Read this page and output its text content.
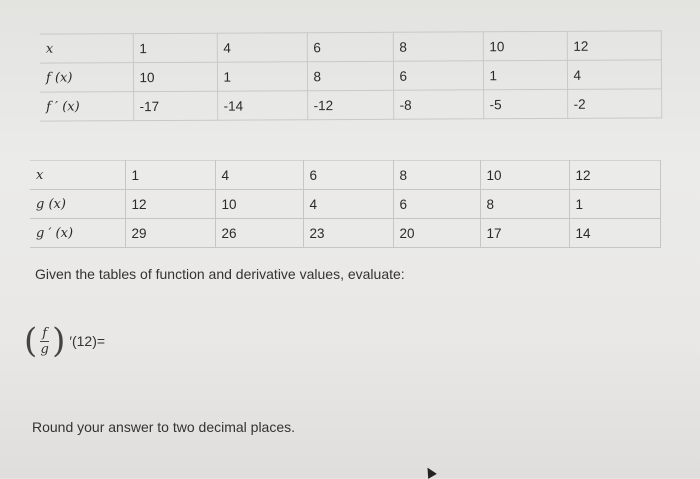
x	1	4	6	8	10	12
f (x)	10	1	8	6	1	4
f ′ (x)	-17	-14	-12	-8	-5	-2
x	1	4	6	8	10	12
g (x)	12	10	4	6	8	1
g ′ (x)	29	26	23	20	17	14
Given the tables of function and derivative values, evaluate:
( $\frac{f}{g}$ ) ′(12)=
Round your answer to two decimal places.
